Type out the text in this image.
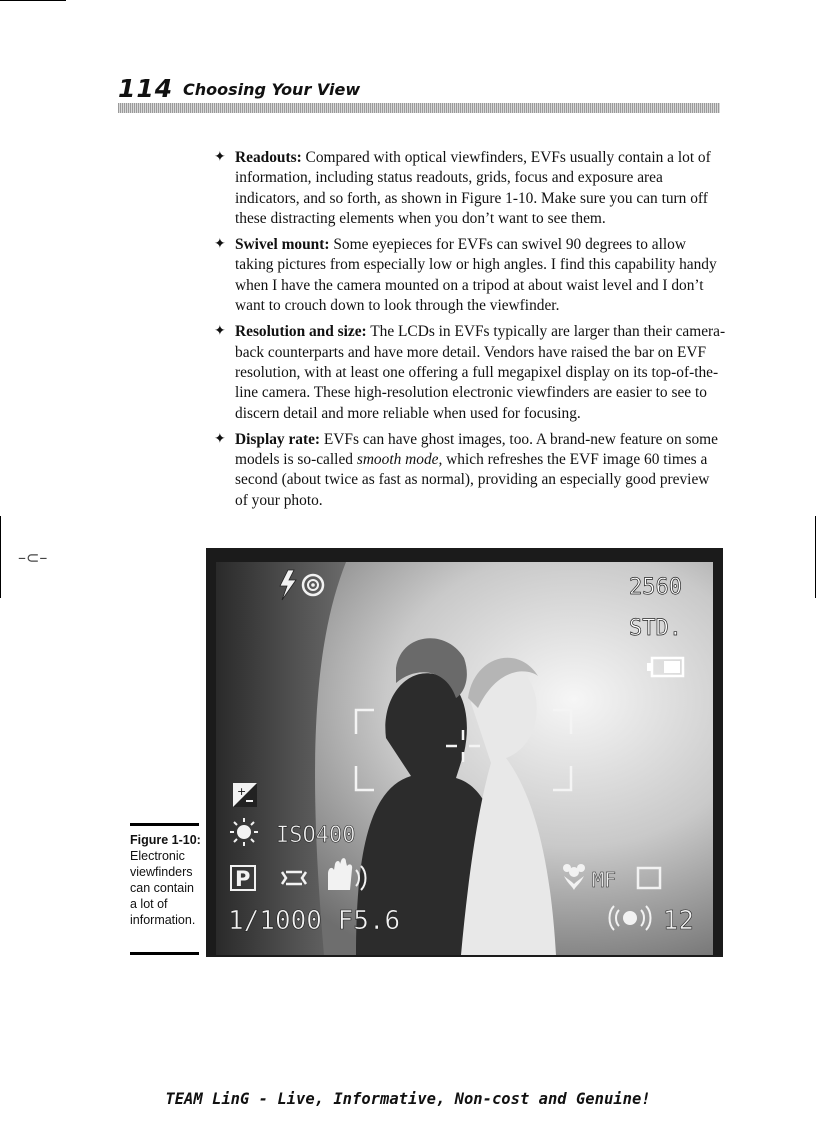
114 Choosing Your View
✦ Readouts: Compared with optical viewfinders, EVFs usually contain a lot of information, including status readouts, grids, focus and exposure area indicators, and so forth, as shown in Figure 1-10. Make sure you can turn off these distracting elements when you don’t want to see them.
✦ Swivel mount: Some eyepieces for EVFs can swivel 90 degrees to allow taking pictures from especially low or high angles. I find this capability handy when I have the camera mounted on a tripod at about waist level and I don’t want to crouch down to look through the viewfinder.
✦ Resolution and size: The LCDs in EVFs typically are larger than their camera-back counterparts and have more detail. Vendors have raised the bar on EVF resolution, with at least one offering a full megapixel display on its top-of-the-line camera. These high-resolution electronic viewfinders are easier to see to discern detail and more reliable when used for focusing.
✦ Display rate: EVFs can have ghost images, too. A brand-new feature on some models is so-called smooth mode, which refreshes the EVF image 60 times a second (about twice as fast as normal), providing an especially good preview of your photo.
–⊂–
Figure 1-10:
Electronic viewfinders can contain a lot of information.
2560
STD.
+
ISO400
P	MF
1/1000 F5.6	12
TEAM LinG - Live, Informative, Non-cost and Genuine!
